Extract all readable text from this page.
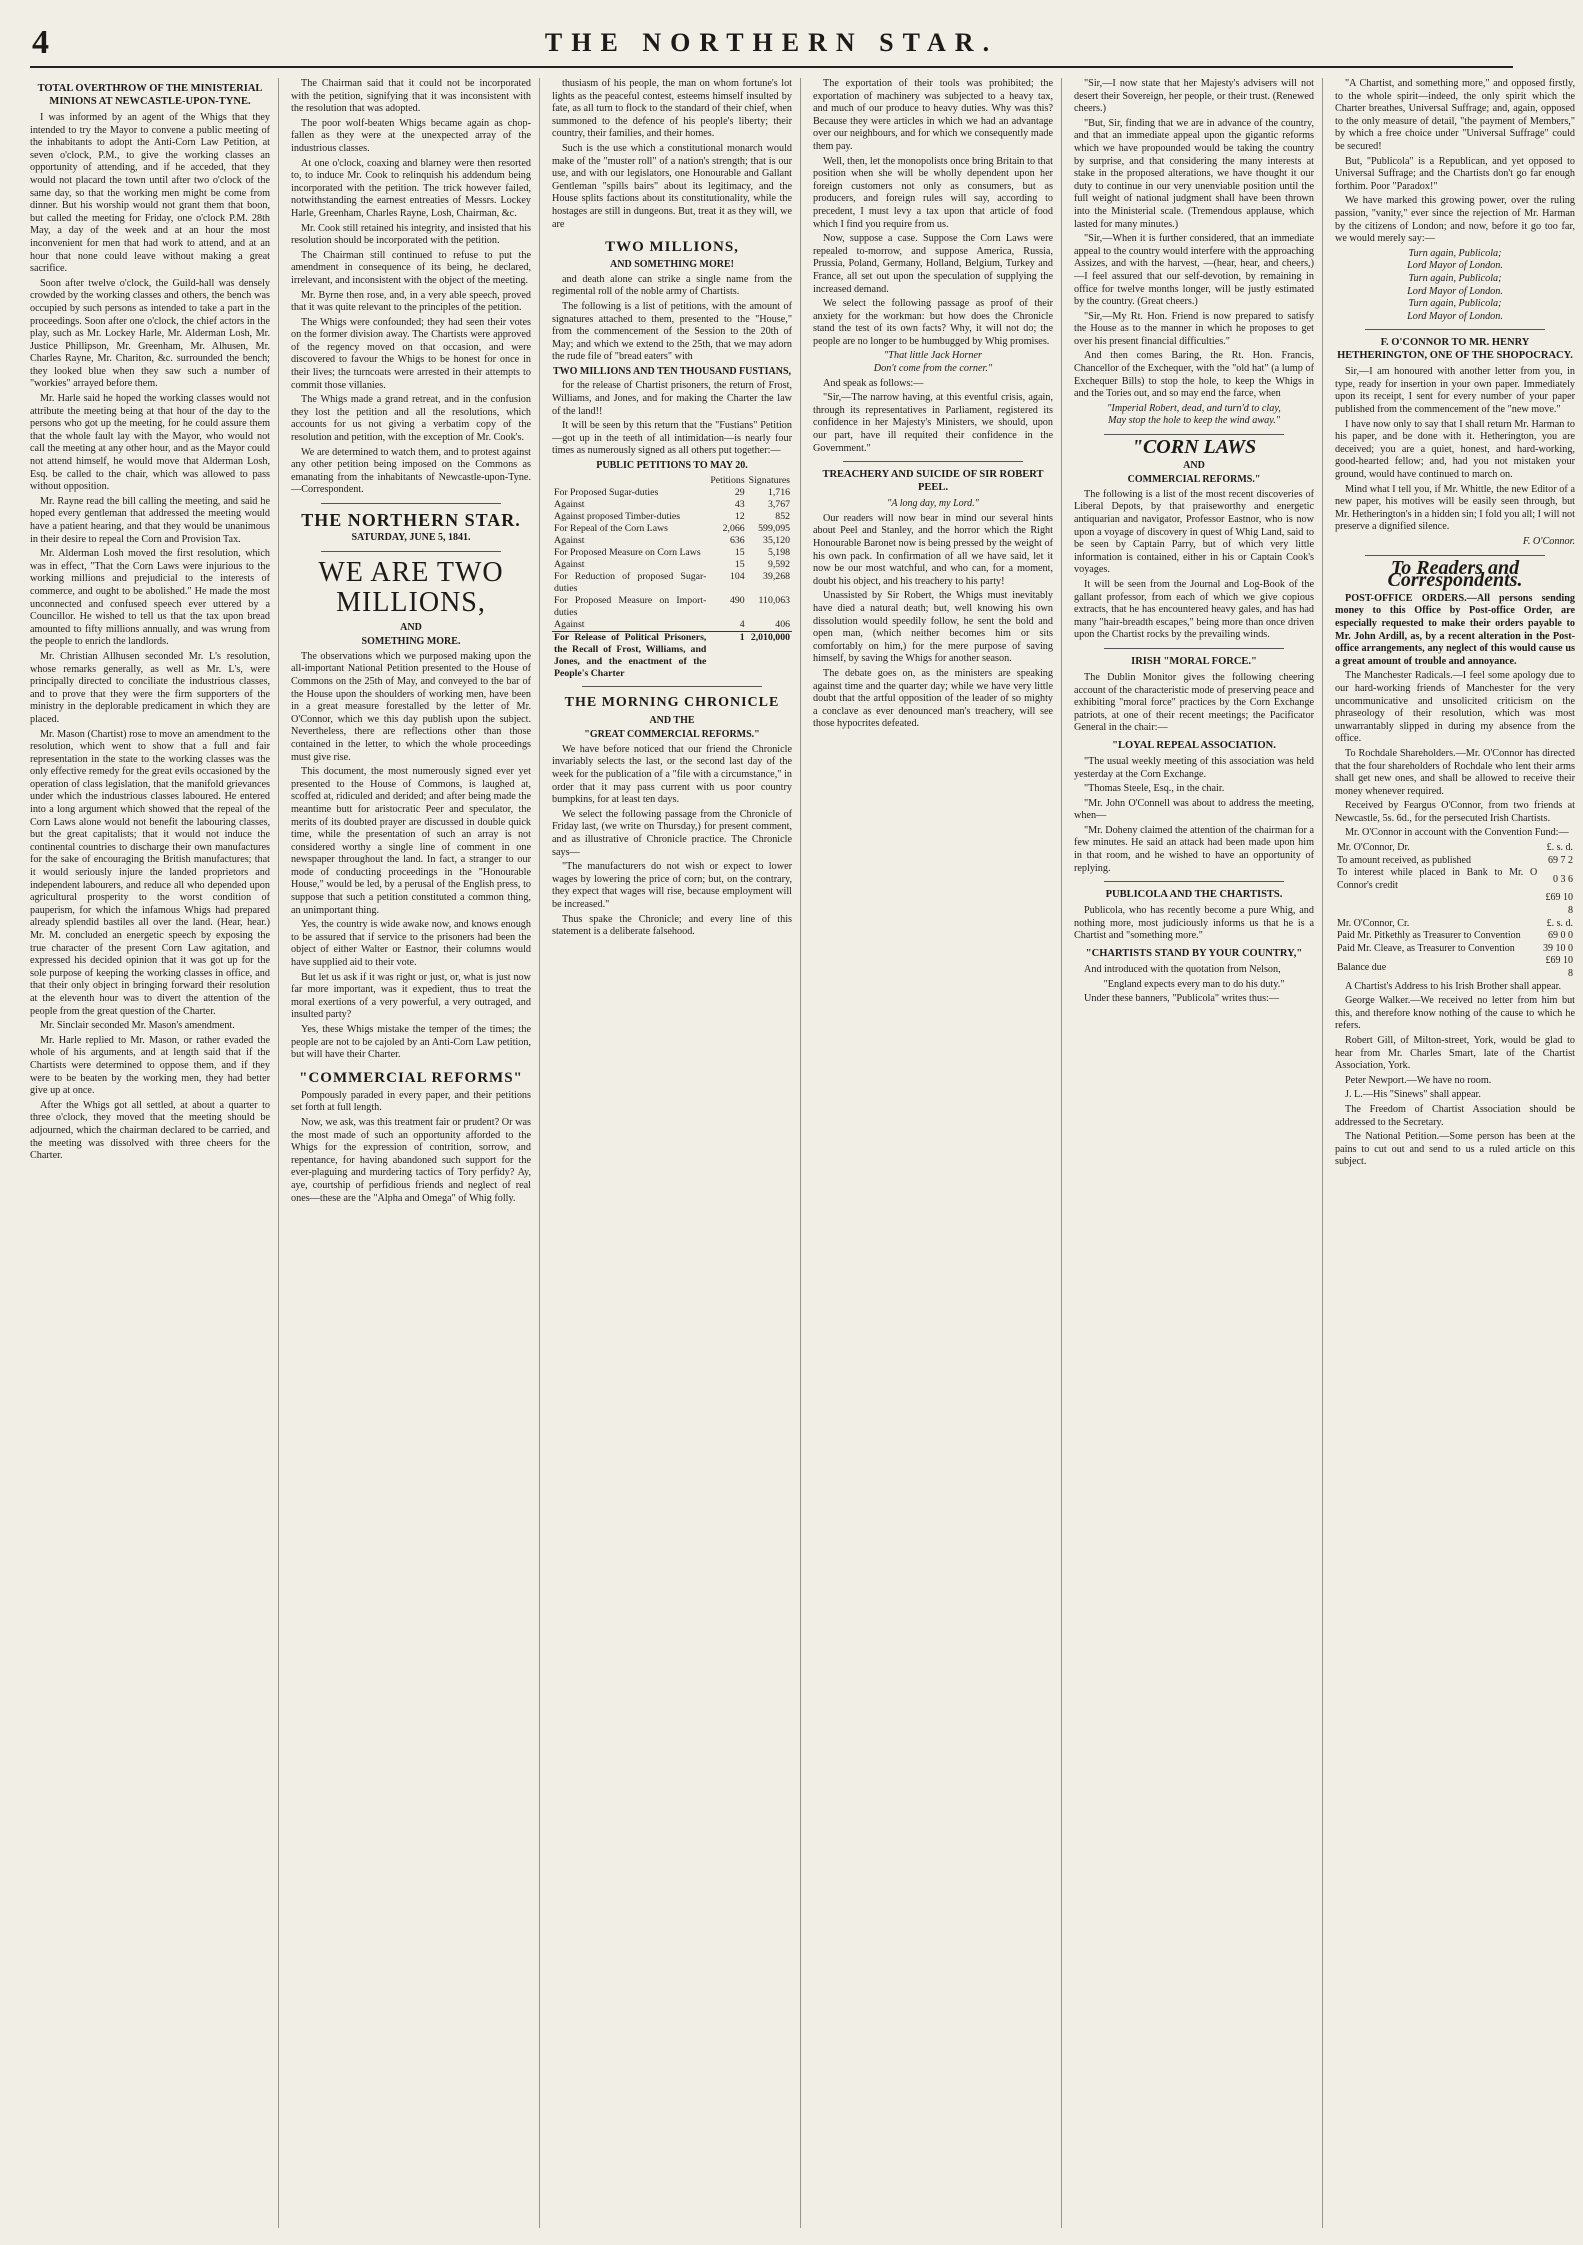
4	THE NORTHERN STAR.
TOTAL OVERTHROW OF THE MINISTERIAL MINIONS AT NEWCASTLE-UPON-TYNE.

I was informed by an agent of the Whigs that they intended to try the Mayor to convene a public meeting of the inhabitants to adopt the Anti-Corn Law Petition, at seven o'clock, P.M., to give the working classes an opportunity of attending, and if he acceded, that they would not placard the town until after two o'clock of the same day, so that the working men might be come from dinner. But his worship would not grant them that boon, but called the meeting for Friday, one o'clock P.M. 28th May, a day of the week and at an hour the most inconvenient for men that had work to attend, and at an hour that none could leave without making a great sacrifice.

Soon after twelve o'clock, the Guild-hall was densely crowded by the working classes and others, the bench was occupied by such persons as intended to take a part in the proceedings. Soon after one o'clock, the chief actors in the play, such as Mr. Lockey Harle, Mr. Alderman Losh, Mr. Justice Phillipson, Mr. Greenham, Mr. Alhusen, Mr. Charles Rayne, Mr. Chariton, &c. surrounded the bench; they looked blue when they saw such a number of "workies" arrayed before them.

Mr. Harle said he hoped the working classes would not attribute the meeting being at that hour of the day to the persons who got up the meeting, for he could assure them that the whole fault lay with the Mayor, who would not call the meeting at any other hour, and as the Mayor could not attend himself, he would move that Alderman Losh, Esq. be called to the chair, which was allowed to pass without opposition.

Mr. Rayne read the bill calling the meeting, and said he hoped every gentleman that addressed the meeting would have a patient hearing, and that they would be unanimous in their desire to repeal the Corn and Provision Tax.

Mr. Alderman Losh moved the first resolution, which was in effect, "That the Corn Laws were injurious to the working millions and prejudicial to the interests of commerce, and ought to be abolished." He made the most unconnected and confused speech ever uttered by a Councillor. He wished to tell us that the tax upon bread amounted to fifty millions annually, and was wrung from the people to enrich the landlords.

Mr. Christian Allhusen seconded Mr. L's resolution, whose remarks generally, as well as Mr. L's, were principally directed to conciliate the industrious classes, and to prove that they were the firm supporters of the ministry in the deplorable predicament in which they are placed.

Mr. Mason (Chartist) rose to move an amendment to the resolution, which went to show that a full and fair representation in the state to the working classes was the only effective remedy for the great evils occasioned by the operation of class legislation, that the manifold grievances under which the industrious classes laboured. He entered into a long argument which showed that the repeal of the Corn Laws alone would not benefit the labouring classes, but the great capitalists; that it would not induce the continental countries to discharge their own manufactures for the sake of encouraging the British manufactures; that it would seriously injure the landed proprietors and independent labourers, and reduce all who depended upon agricultural prosperity to the worst condition of pauperism, for which the infamous Whigs had prepared already splendid bastiles all over the land. (Hear, hear.) Mr. M. concluded an energetic speech by exposing the true character of the present Corn Law agitation, and expressed his decided opinion that it was got up for the sole purpose of keeping the working classes in office, and that their only object in bringing forward their resolution at the eleventh hour was to divert the attention of the people from the great question of the Charter.

Mr. Sinclair seconded Mr. Mason's amendment.

Mr. Harle replied to Mr. Mason, or rather evaded the whole of his arguments, and at length said that if the Chartists were determined to oppose them, and if they were to be beaten by the working men, they had better give up at once.

After the Whigs got all settled, at about a quarter to three o'clock, they moved that the meeting should be adjourned, which the chairman declared to be carried, and the meeting was dissolved with three cheers for the Charter.

The Chairman said that it could not be incorporated with the petition, signifying that it was inconsistent with the resolution that was adopted.

The poor wolf-beaten Whigs became again as chop-fallen as they were at the unexpected array of the industrious classes.

At one o'clock, coaxing and blarney were then resorted to, to induce Mr. Cook to relinquish his addendum being incorporated with the petition. The trick however failed, notwithstanding the earnest entreaties of Messrs. Lockey Harle, Greenham, Charles Rayne, Losh, Chairman, &c.

Mr. Cook still retained his integrity, and insisted that his resolution should be incorporated with the petition.

The Chairman still continued to refuse to put the amendment in consequence of its being, he declared, irrelevant, and inconsistent with the object of the meeting.

Mr. Byrne then rose, and, in a very able speech, proved that it was quite relevant to the principles of the petition.

The Whigs were confounded; they had seen their votes on the former division away. The Chartists were approved of the regency moved on that occasion, and were discovered to favour the Whigs to be honest for once in their lives; the turncoats were arrested in their attempts to commit those villanies.

The Whigs made a grand retreat, and in the confusion they lost the petition and all the resolutions, which accounts for us not giving a verbatim copy of the resolution and petition, with the exception of Mr. Cook's.

We are determined to watch them, and to protest against any other petition being imposed on the Commons as emanating from the inhabitants of Newcastle-upon-Tyne.—Correspondent.

THE NORTHERN STAR.
SATURDAY, JUNE 5, 1841.
WE ARE TWO MILLIONS,
AND
SOMETHING MORE.

The observations which we purposed making upon the all-important National Petition presented to the House of Commons on the 25th of May, and conveyed to the bar of the House upon the shoulders of working men, have been in a great measure forestalled by the letter of Mr. O'Connor, which we this day publish upon the subject. Nevertheless, there are reflections other than those contained in the letter, to which the whole proceedings must give rise.

This document, the most numerously signed ever yet presented to the House of Commons, is laughed at, scoffed at, ridiculed and derided; and after being made the meantime butt for aristocratic Peer and speculator, the merits of its doubted prayer are discussed in double quick time, while the presentation of such an array is not considered worthy a single line of comment in one newspaper throughout the land. In fact, a stranger to our mode of conducting proceedings in the "Honourable House," would be led, by a perusal of the English press, to suppose that such a petition constituted a common thing, an unimportant thing.

Yes, the country is wide awake now, and knows enough to be assured that if service to the prisoners had been the object of either Walter or Eastnor, their columns would have supplied aid to their vote.

But let us ask if it was right or just, or, what is just now far more important, was it expedient, thus to treat the moral exertions of a very powerful, a very outraged, and insulted party?

Yes, these Whigs mistake the temper of the times; the people are not to be cajoled by an Anti-Corn Law petition, but will have their Charter.

"COMMERCIAL REFORMS"

Pompously paraded in every paper, and their petitions set forth at full length.

Now, we ask, was this treatment fair or prudent? Or was the most made of such an opportunity afforded to the Whigs for the expression of contrition, sorrow, and repentance, for having abandoned such support for the ever-plaguing and murdering tactics of Tory perfidy? Ay, aye, courtship of perfidious friends and neglect of real ones—these are the "Alpha and Omega" of Whig folly.

thusiasm of his people, the man on whom fortune's lot lights as the peaceful contest, esteems himself insulted by fate, as all turn to flock to the standard of their chief, when summoned to the defence of his people's liberty; their country, their families, and their homes.

Such is the use which a constitutional monarch would make of the "muster roll" of a nation's strength; that is our use, and with our legislators, one Honourable and Gallant Gentleman "spills bairs" about its legitimacy, and the House splits factions about its constitutionality, while the hostages are still in dungeons. But, treat it as they will, we are

TWO MILLIONS,
AND SOMETHING MORE!

and death alone can strike a single name from the regimental roll of the noble army of Chartists.

The following is a list of petitions, with the amount of signatures attached to them, presented to the "House," from the commencement of the Session to the 20th of May; and which we extend to the 25th, that we may adorn the rude file of "bread eaters" with

TWO MILLIONS AND TEN THOUSAND FUSTIANS,

for the release of Chartist prisoners, the return of Frost, Williams, and Jones, and for making the Charter the law of the land!!

It will be seen by this return that the "Fustians" Petition—got up in the teeth of all intimidation—is nearly four times as numerously signed as all others put together:—

PUBLIC PETITIONS TO MAY 20.
	Petitions	Signatures
For Proposed Sugar-duties	29	1,716
Against	43	3,767
Against proposed Timber-duties	12	852
For Repeal of the Corn Laws	2,066	599,095
Against	636	35,120
For Proposed Measure on Corn Laws	15	5,198
Against	15	9,592
For Reduction of proposed Sugar-duties	104	39,268
For Proposed Measure on Import-duties	490	110,063
Against	4	406
For Release of Political Prisoners, the Recall of Frost, Williams, and Jones, and the enactment of the People's Charter	1	2,010,000
THE MORNING CHRONICLE
AND THE
"GREAT COMMERCIAL REFORMS."

We have before noticed that our friend the Chronicle invariably selects the last, or the second last day of the week for the publication of a "file with a circumstance," in order that it may pass current with us poor country bumpkins, for at least ten days.

We select the following passage from the Chronicle of Friday last, (we write on Thursday,) for present comment, and as illustrative of Chronicle practice. The Chronicle says—

"The manufacturers do not wish or expect to lower wages by lowering the price of corn; but, on the contrary, they expect that wages will rise, because employment will be increased."

Thus spake the Chronicle; and every line of this statement is a deliberate falsehood.

The exportation of their tools was prohibited; the exportation of machinery was subjected to a heavy tax, and much of our produce to heavy duties. Why was this? Because they were articles in which we had an advantage over our neighbours, and for which we consequently made them pay.

Well, then, let the monopolists once bring Britain to that position when she will be wholly dependent upon her foreign customers not only as consumers, but as producers, and foreign rules will say, according to precedent, I must levy a tax upon that article of food which I find you require from us.

Now, suppose a case. Suppose the Corn Laws were repealed to-morrow, and suppose America, Russia, Prussia, Poland, Germany, Holland, Belgium, Turkey and France, all set out upon the speculation of supplying the increased demand.

We select the following passage as proof of their anxiety for the workman: but how does the Chronicle stand the test of its own facts? Why, it will not do; the people are no longer to be humbugged by Whig promises.

"That little Jack Horner
Don't come from the corner."

And speak as follows:—

"Sir,—The narrow having, at this eventful crisis, again, through its representatives in Parliament, registered its confidence in her Majesty's Ministers, we should, upon our part, have ill requited their confidence in the Government."

TREACHERY AND SUICIDE OF SIR ROBERT PEEL.
"A long day, my Lord."

Our readers will now bear in mind our several hints about Peel and Stanley, and the horror which the Right Honourable Baronet now is being pressed by the weight of his own pack. In confirmation of all we have said, let it now be our most watchful, and who can, for a moment, doubt his object, and his treachery to his party!

Unassisted by Sir Robert, the Whigs must inevitably have died a natural death; but, well knowing his own dissolution would speedily follow, he sent the bold and open man, (which neither becomes him or sits comfortably on him,) for the mere purpose of saving himself, by saving the Whigs for another season.

The debate goes on, as the ministers are speaking against time and the quarter day; while we have very little doubt that the artful opposition of the leader of so mighty a conclave as ever denounced man's treachery, will see those hypocrites defeated.

"Sir,—I now state that her Majesty's advisers will not desert their Sovereign, her people, or their trust. (Renewed cheers.)

"But, Sir, finding that we are in advance of the country, and that an immediate appeal upon the gigantic reforms which we have propounded would be taking the country by surprise, and that considering the many interests at stake in the proposed alterations, we have thought it our duty to continue in our very unenviable position until the full weight of national judgment shall have been thrown into the Ministerial scale. (Tremendous applause, which lasted for many minutes.)

"Sir,—When it is further considered, that an immediate appeal to the country would interfere with the approaching Assizes, and with the harvest, —(hear, hear, and cheers,)—I feel assured that our self-devotion, by remaining in office for twelve months longer, will be justly estimated by the country. (Great cheers.)

"Sir,—My Rt. Hon. Friend is now prepared to satisfy the House as to the manner in which he proposes to get over his present financial difficulties."

And then comes Baring, the Rt. Hon. Francis, Chancellor of the Exchequer, with the "old hat" (a lump of Exchequer Bills) to stop the hole, to keep the Whigs in and the Tories out, and so may end the farce, when

"Imperial Robert, dead, and turn'd to clay,
May stop the hole to keep the wind away."

"CORN LAWS
AND
COMMERCIAL REFORMS."

The following is a list of the most recent discoveries of Liberal Depots, by that praiseworthy and energetic antiquarian and navigator, Professor Eastnor, who is now upon a voyage of discovery in quest of Whig Land, said to be seen by Captain Parry, but of which very little information is contained, either in his or Captain Cook's voyages.

It will be seen from the Journal and Log-Book of the gallant professor, from each of which we give copious extracts, that he has encountered heavy gales, and has had many "hair-breadth escapes," being more than once driven upon the Chartist rocks by the prevailing winds.

IRISH "MORAL FORCE."

The Dublin Monitor gives the following cheering account of the characteristic mode of preserving peace and exhibiting "moral force" practices by the Corn Exchange patriots, at one of their recent meetings; the Pacificator General in the chair:—

"LOYAL REPEAL ASSOCIATION.

"The usual weekly meeting of this association was held yesterday at the Corn Exchange.

"Thomas Steele, Esq., in the chair.

"Mr. John O'Connell was about to address the meeting, when—

"Mr. Doheny claimed the attention of the chairman for a few minutes. He said an attack had been made upon him in that room, and he wished to have an opportunity of replying.

PUBLICOLA AND THE CHARTISTS.

Publicola, who has recently become a pure Whig, and nothing more, most judiciously informs us that he is a Chartist and "something more."

"CHARTISTS STAND BY YOUR COUNTRY,"

And introduced with the quotation from Nelson,

"England expects every man to do his duty."

Under these banners, "Publicola" writes thus:—

"A Chartist, and something more," and opposed firstly, to the whole spirit—indeed, the only spirit which the Charter breathes, Universal Suffrage; and, again, opposed to the only measure of detail, "the payment of Members," by which a free choice under "Universal Suffrage" could be secured!

But, "Publicola" is a Republican, and yet opposed to Universal Suffrage; and the Chartists don't go far enough forthim. Poor "Paradox!"

We have marked this growing power, over the ruling passion, "vanity," ever since the rejection of Mr. Harman by the citizens of London; and now, before it go too far, we would merely say:—

Turn again, Publicola;
Lord Mayor of London.
Turn again, Publicola;
Lord Mayor of London.
Turn again, Publicola;
Lord Mayor of London.

F. O'CONNOR TO MR. HENRY HETHERINGTON, ONE OF THE SHOPOCRACY.

Sir,—I am honoured with another letter from you, in type, ready for insertion in your own paper. Immediately upon its receipt, I sent for every number of your paper published from the commencement of the "new move."

I have now only to say that I shall return Mr. Harman to his paper, and be done with it. Hetherington, you are deceived; you are a quiet, honest, and hard-working, good-hearted fellow; and, had you not mistaken your ground, would have continued to march on.

Mind what I tell you, if Mr. Whittle, the new Editor of a new paper, his motives will be easily seen through, but Mr. Hetherington's in a hidden sin; I fold you all; I will not preserve a dignified silence.

F. O'Connor.

To Readers and Correspondents.

POST-OFFICE ORDERS.—All persons sending money to this Office by Post-office Order, are especially requested to make their orders payable to Mr. John Ardill, as, by a recent alteration in the Post-office arrangements, any neglect of this would cause us a great amount of trouble and annoyance.

The Manchester Radicals.—I feel some apology due to our hard-working friends of Manchester for the very uncommunicative and unsolicited criticism on the phraseology of their resolution, which was most unwarrantably slipped in during my absence from the office.

To Rochdale Shareholders.—Mr. O'Connor has directed that the four shareholders of Rochdale who lent their arms shall get new ones, and shall be allowed to receive their money whenever required.

Received by Feargus O'Connor, from two friends at Newcastle, 5s. 6d., for the persecuted Irish Chartists.

Mr. O'Connor in account with the Convention Fund:—

Mr. O'Connor, Dr.	£. s. d.
To amount received, as published	69 7 2
To interest while placed in Bank to Mr. O Connor's credit	0 3 6
	£69 10 8
Mr. O'Connor, Cr.	£. s. d.
Paid Mr. Pitkethly as Treasurer to Convention	69 0 0
Paid Mr. Cleave, as Treasurer to Convention	39 10 0
Balance due	£69 10 8

A Chartist's Address to his Irish Brother shall appear.

George Walker.—We received no letter from him but this, and therefore know nothing of the cause to which he refers.

Robert Gill, of Milton-street, York, would be glad to hear from Mr. Charles Smart, late of the Chartist Association, York.

Peter Newport.—We have no room.

J. L.—His "Sinews" shall appear.

The Freedom of Chartist Association should be addressed to the Secretary.

The National Petition.—Some person has been at the pains to cut out and send to us a ruled article on this subject.
